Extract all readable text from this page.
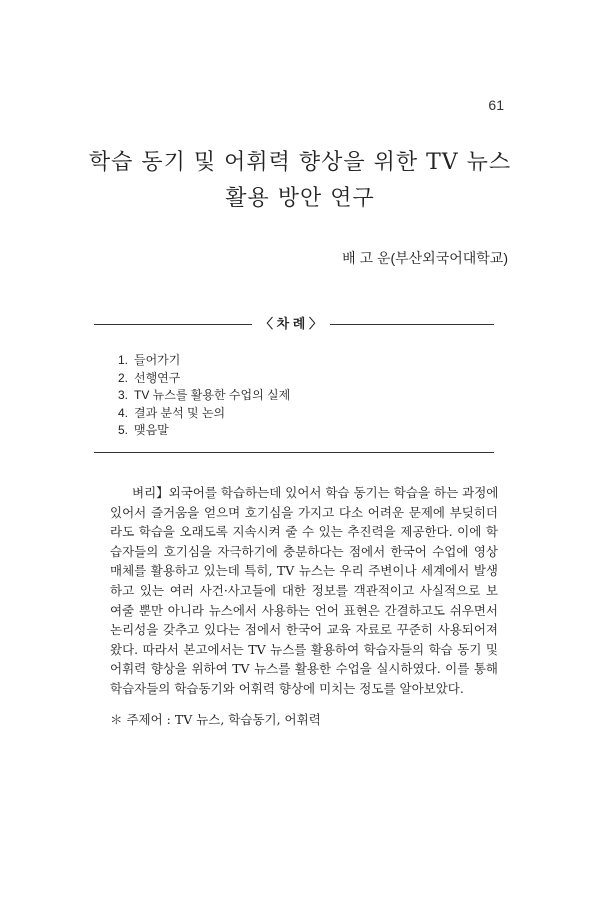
61
학습 동기 및 어휘력 향상을 위한 TV 뉴스
활용 방안 연구
배 고 운(부산외국어대학교)
〈 차 례 〉
1. 들어가기
2. 선행연구
3. TV 뉴스를 활용한 수업의 실제
4. 결과 분석 및 논의
5. 맺음말
벼리】외국어를 학습하는데 있어서 학습 동기는 학습을 하는 과정에
있어서 즐거움을 얻으며 호기심을 가지고 다소 어려운 문제에 부딪히더
라도 학습을 오래도록 지속시켜 줄 수 있는 추진력을 제공한다. 이에 학
습자들의 호기심을 자극하기에 충분하다는 점에서 한국어 수업에 영상
매체를 활용하고 있는데 특히, TV 뉴스는 우리 주변이나 세계에서 발생
하고 있는 여러 사건·사고들에 대한 정보를 객관적이고 사실적으로 보
여줄 뿐만 아니라 뉴스에서 사용하는 언어 표현은 간결하고도 쉬우면서
논리성을 갖추고 있다는 점에서 한국어 교육 자료로 꾸준히 사용되어져
왔다. 따라서 본고에서는 TV 뉴스를 활용하여 학습자들의 학습 동기 및
어휘력 향상을 위하여 TV 뉴스를 활용한 수업을 실시하였다. 이를 통해
학습자들의 학습동기와 어휘력 향상에 미치는 정도를 알아보았다.
＊ 주제어 : TV 뉴스, 학습동기, 어휘력
